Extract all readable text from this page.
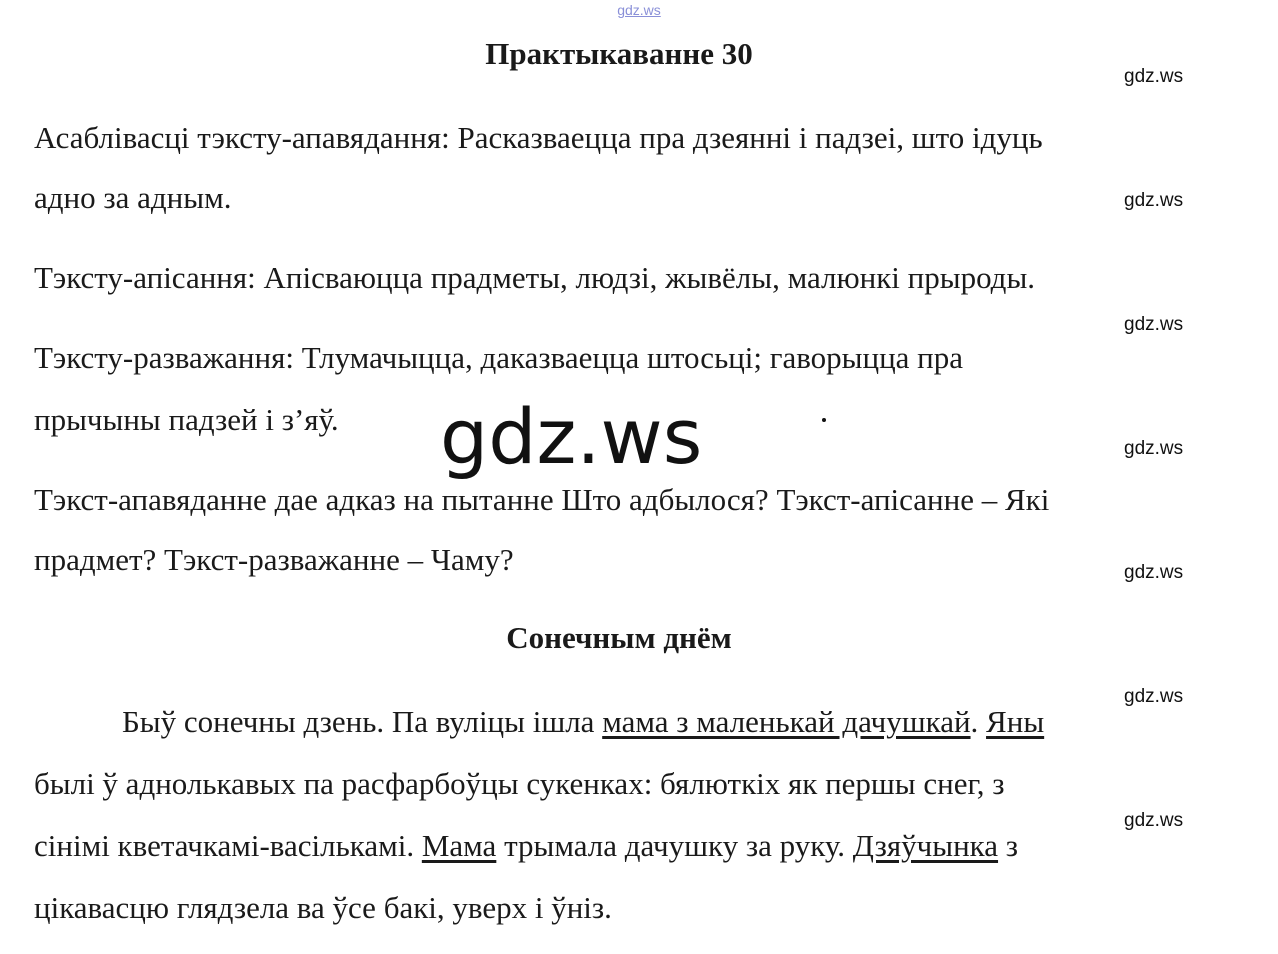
gdz.ws
Практыкаванне 30
gdz.ws
gdz.ws
gdz.ws
gdz.ws
gdz.ws
gdz.ws
gdz.ws
Асаблівасці тэксту-апавядання: Расказваецца пра дзеянні і падзеі, што ідуць
адно за адным.
Тэксту-апісання: Апісваюцца прадметы, людзі, жывёлы, малюнкі прыроды.
Тэксту-разважання: Тлумачыцца, даказваецца штосьці; гаворыцца пра
прычыны падзей і з’яў.
Тэкст-апавяданне дае адказ на пытанне Што адбылося? Тэкст-апісанне – Які
прадмет? Тэкст-разважанне – Чаму?
gdz.ws
Сонечным днём
Быў сонечны дзень. Па вуліцы ішла мама з маленькай дачушкай. Яны
былі ў аднолькавых па расфарбоўцы сукенках: бялюткіх як першы снег, з
сінімі кветачкамі-васількамі. Мама трымала дачушку за руку. Дзяўчынка з
цікавасцю глядзела ва ўсе бакі, уверх і ўніз.
